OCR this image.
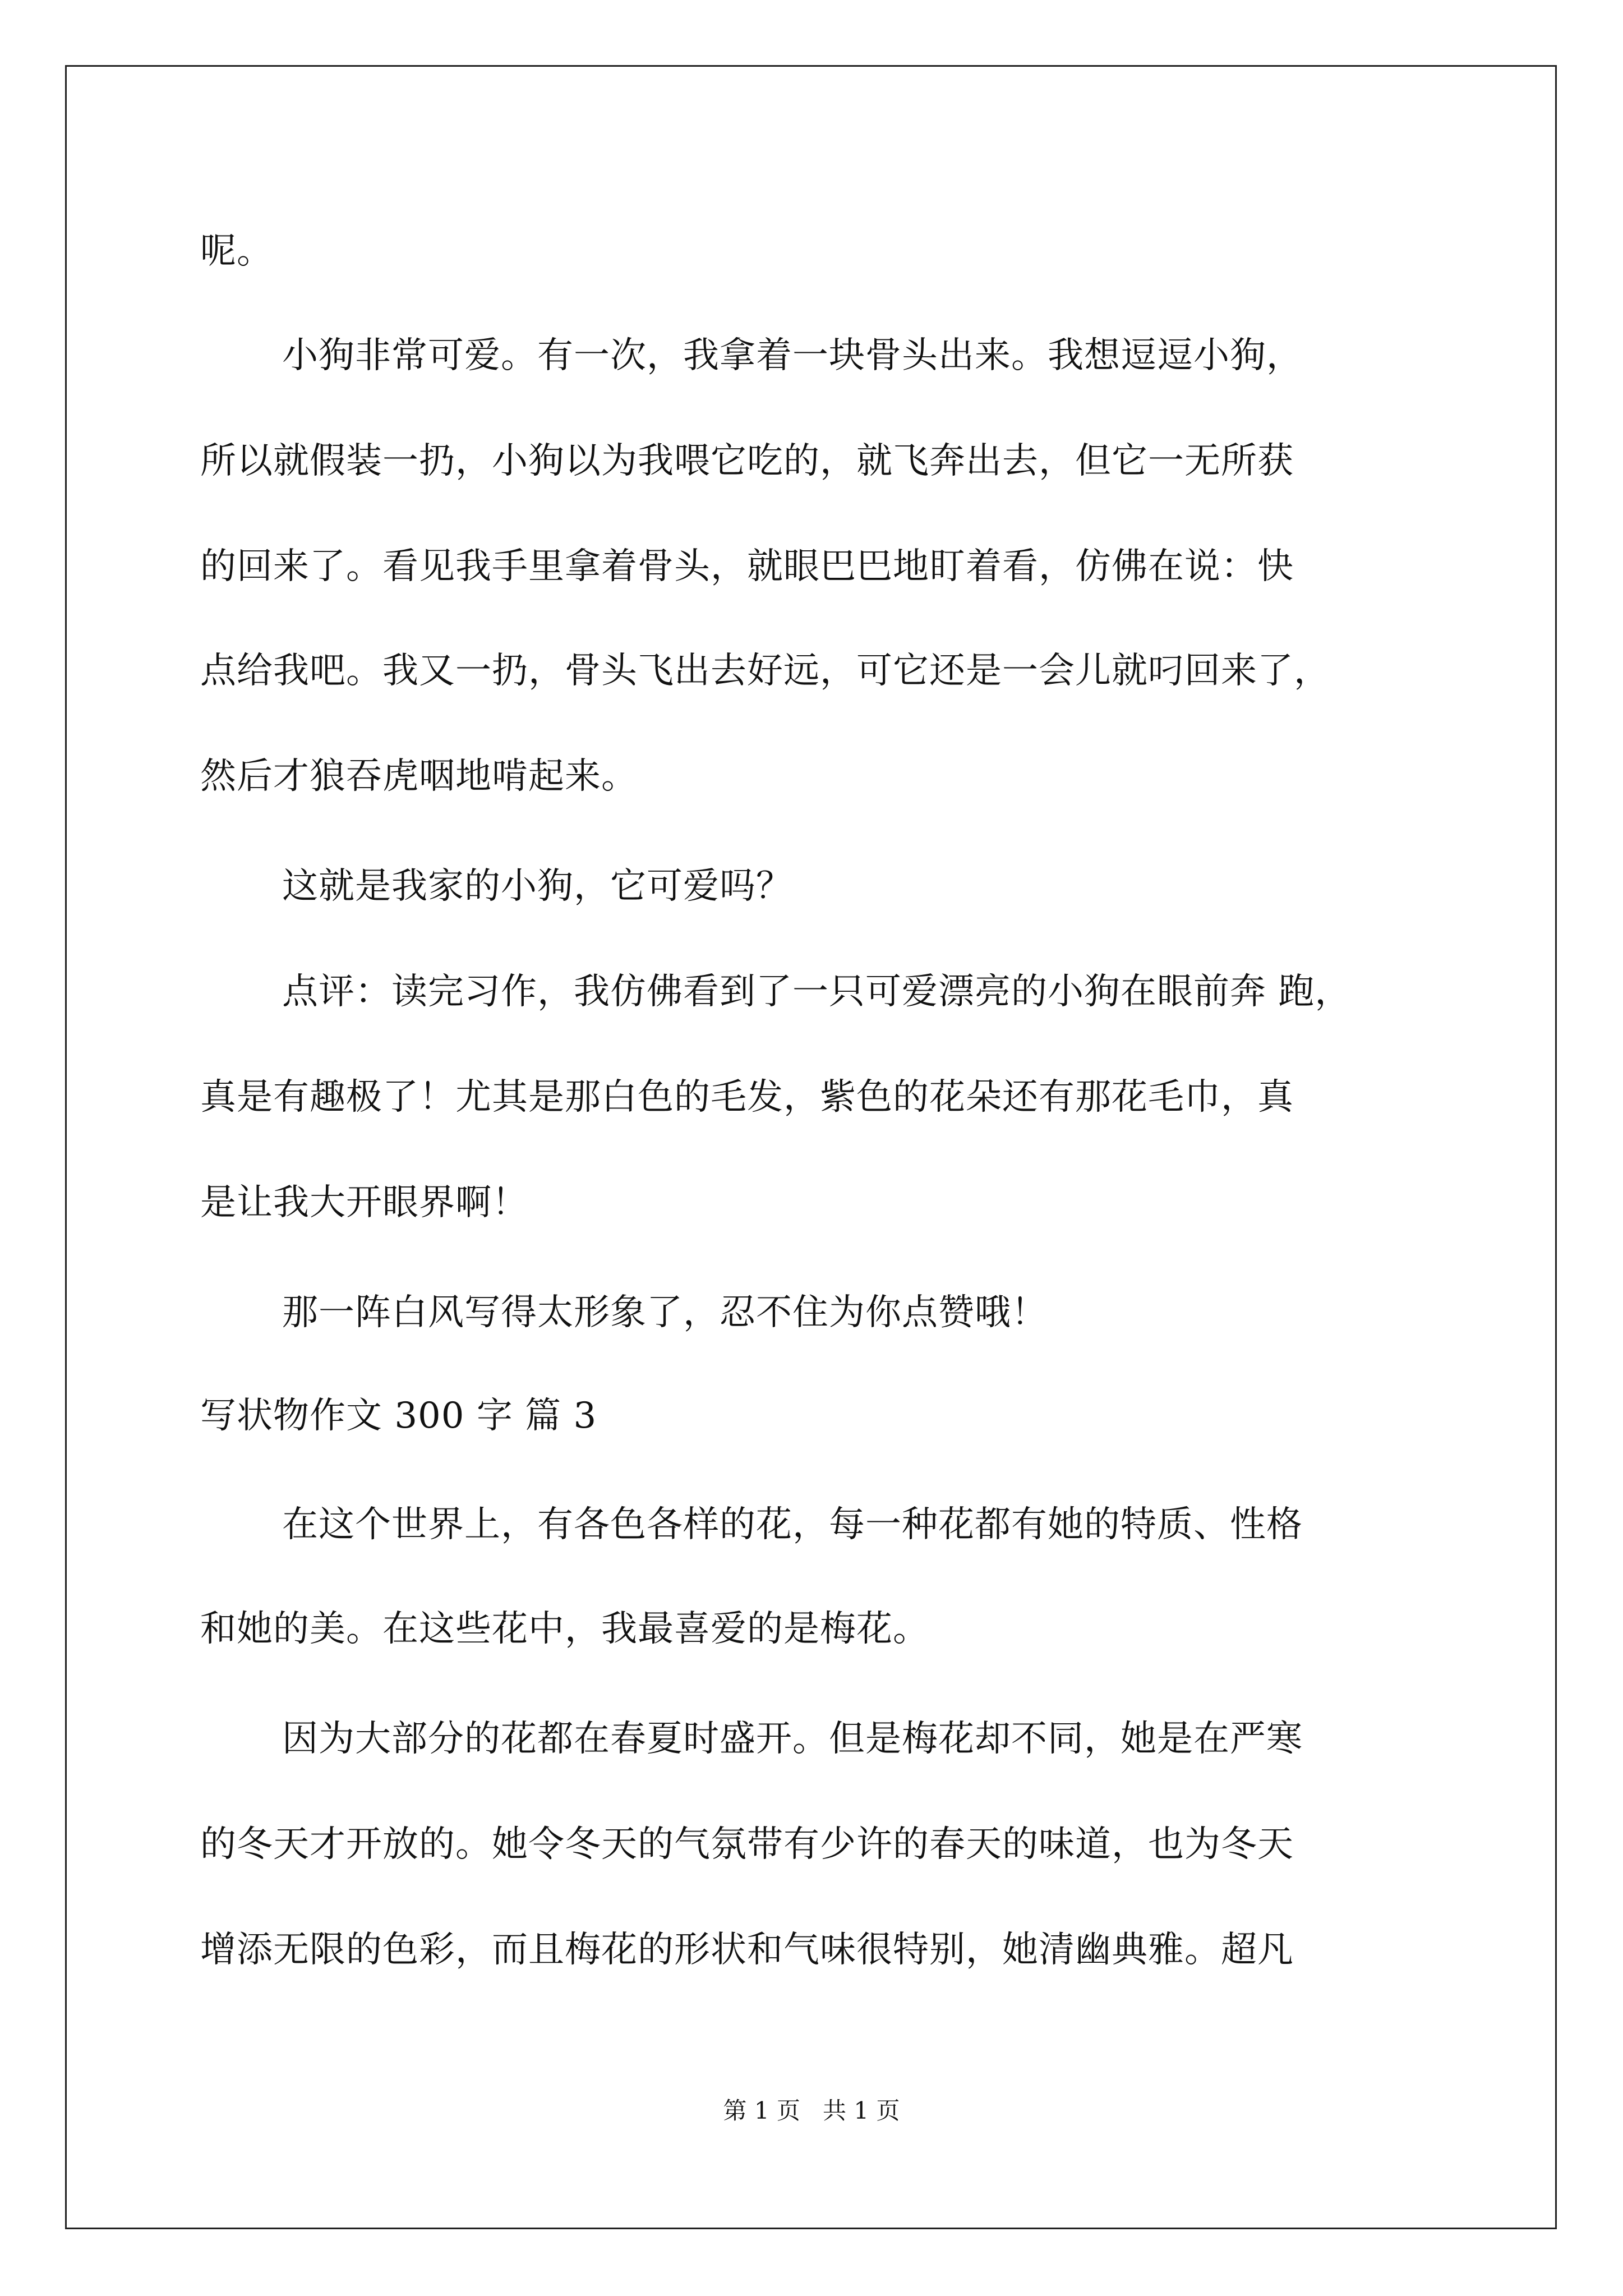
呢。
小狗非常可爱。有一次，我拿着一块骨头出来。我想逗逗小狗，
所以就假装一扔，小狗以为我喂它吃的，就飞奔出去，但它一无所获
的回来了。看见我手里拿着骨头，就眼巴巴地盯着看，仿佛在说：快
点给我吧。我又一扔，骨头飞出去好远，可它还是一会儿就叼回来了，
然后才狼吞虎咽地啃起来。
这就是我家的小狗，它可爱吗？
点评：读完习作，我仿佛看到了一只可爱漂亮的小狗在眼前奔 跑，
真是有趣极了！尤其是那白色的毛发，紫色的花朵还有那花毛巾，真
是让我大开眼界啊！
那一阵白风写得太形象了，忍不住为你点赞哦！
写状物作文 300 字 篇 3
在这个世界上，有各色各样的花，每一种花都有她的特质、性格
和她的美。在这些花中，我最喜爱的是梅花。
因为大部分的花都在春夏时盛开。但是梅花却不同，她是在严寒
的冬天才开放的。她令冬天的气氛带有少许的春天的味道，也为冬天
增添无限的色彩，而且梅花的形状和气味很特别，她清幽典雅。超凡
第 1 页   共 1 页
